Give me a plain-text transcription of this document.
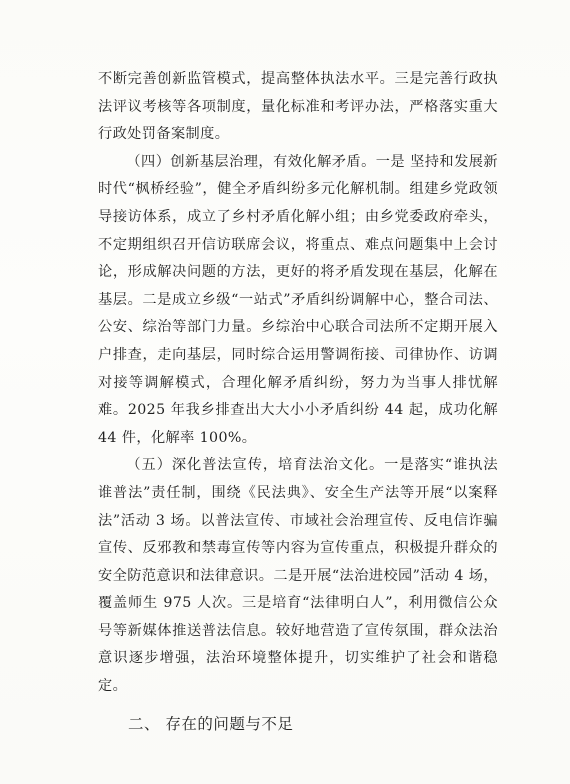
不断完善创新监管模式，提高整体执法水平。三是完善行政执法评议考核等各项制度，量化标准和考评办法，严格落实重大行政处罚备案制度。

（四）创新基层治理，有效化解矛盾。一是 坚持和发展新时代“枫桥经验”，健全矛盾纠纷多元化解机制。组建乡党政领导接访体系，成立了乡村矛盾化解小组；由乡党委政府牵头，不定期组织召开信访联席会议，将重点、难点问题集中上会讨论，形成解决问题的方法，更好的将矛盾发现在基层，化解在基层。二是成立乡级“一站式”矛盾纠纷调解中心，整合司法、公安、综治等部门力量。乡综治中心联合司法所不定期开展入户排查，走向基层，同时综合运用警调衔接、司律协作、访调对接等调解模式，合理化解矛盾纠纷，努力为当事人排忧解难。2025 年我乡排查出大大小小矛盾纠纷 44 起，成功化解 44 件，化解率 100%。

（五）深化普法宣传，培育法治文化。一是落实“谁执法谁普法”责任制，围绕《民法典》、安全生产法等开展“以案释法”活动 3 场。以普法宣传、市域社会治理宣传、反电信诈骗宣传、反邪教和禁毒宣传等内容为宣传重点，积极提升群众的安全防范意识和法律意识。二是开展“法治进校园”活动 4 场，覆盖师生 975 人次。三是培育“法律明白人”，利用微信公众号等新媒体推送普法信息。较好地营造了宣传氛围，群众法治意识逐步增强，法治环境整体提升，切实维护了社会和谐稳定。

二、 存在的问题与不足
